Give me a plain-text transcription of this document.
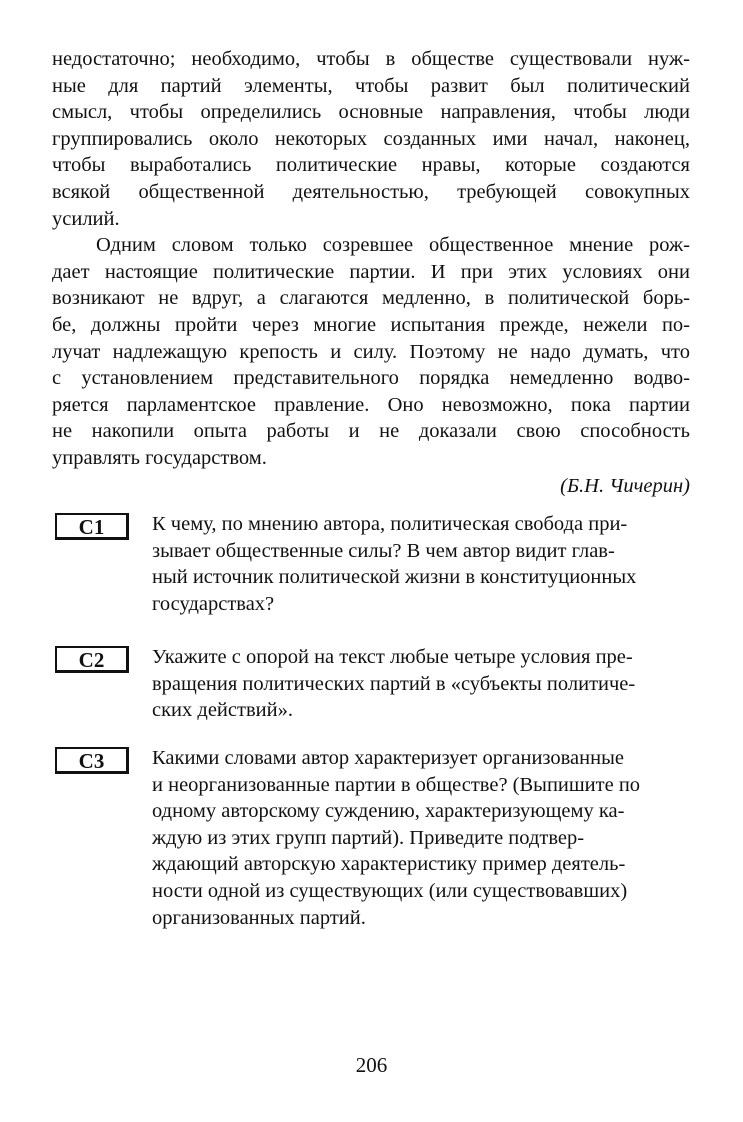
недостаточно; необходимо, чтобы в обществе существовали нуж-
ные для партий элементы, чтобы развит был политический
смысл, чтобы определились основные направления, чтобы люди
группировались около некоторых созданных ими начал, наконец,
чтобы выработались политические нравы, которые создаются
всякой общественной деятельностью, требующей совокупных
усилий.
Одним словом только созревшее общественное мнение рож-
дает настоящие политические партии. И при этих условиях они
возникают не вдруг, а слагаются медленно, в политической борь-
бе, должны пройти через многие испытания прежде, нежели по-
лучат надлежащую крепость и силу. Поэтому не надо думать, что
с установлением представительного порядка немедленно водво-
ряется парламентское правление. Оно невозможно, пока партии
не накопили опыта работы и не доказали свою способность
управлять государством.
(Б.Н. Чичерин)
C1	К чему, по мнению автора, политическая свобода при-
зывает общественные силы? В чем автор видит глав-
ный источник политической жизни в конституционных
государствах?
C2	Укажите с опорой на текст любые четыре условия пре-
вращения политических партий в «субъекты политиче-
ских действий».
C3	Какими словами автор характеризует организованные
и неорганизованные партии в обществе? (Выпишите по
одному авторскому суждению, характеризующему ка-
ждую из этих групп партий). Приведите подтвер-
ждающий авторскую характеристику пример деятель-
ности одной из существующих (или существовавших)
организованных партий.
206
